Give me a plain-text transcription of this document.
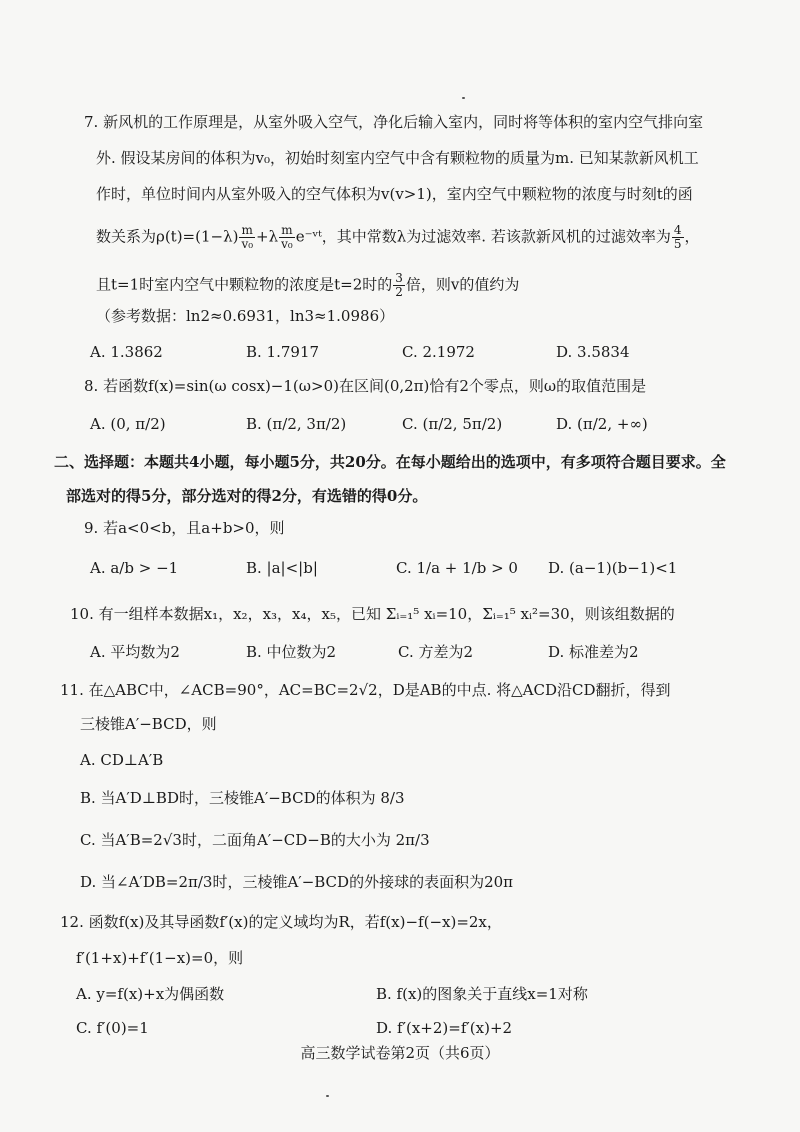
7. 新风机的工作原理是，从室外吸入空气，净化后输入室内，同时将等体积的室内空气排向室
外. 假设某房间的体积为v₀，初始时刻室内空气中含有颗粒物的质量为m. 已知某款新风机工
作时，单位时间内从室外吸入的空气体积为v(v>1)，室内空气中颗粒物的浓度与时刻t的函
数关系为$\rho(t)=(1-\lambda) \frac{m}{\text{v₀}} +\lambda \frac{m}{\text{v₀}}$ e⁻ᵛᵗ，其中常数λ为过滤效率. 若该款新风机的过滤效率为 $\frac{4}{5}$ ，
且t=1时室内空气中颗粒物的浓度是t=2时的 $\frac{3}{2}$ 倍，则v的值约为
（参考数据：ln2≈0.6931，ln3≈1.0986）
A. 1.3862	B. 1.7917	C. 2.1972	D. 3.5834
8. 若函数f(x)=sin(ω cosx)−1(ω>0)在区间(0,2π)恰有2个零点，则ω的取值范围是
A. (0, π/2)	B. (π/2, 3π/2)	C. (π/2, 5π/2)	D. (π/2, +∞)
二、选择题：本题共4小题，每小题5分，共20分。在每小题给出的选项中，有多项符合题目要求。全
部选对的得5分，部分选对的得2分，有选错的得0分。
9. 若a<0<b，且a+b>0，则
A. a/b > −1	B. |a|<|b|	C. 1/a + 1/b > 0 D. (a−1)(b−1)<1
10. 有一组样本数据x₁，x₂，x₃，x₄，x₅，已知 Σᵢ₌₁⁵ xᵢ=10，Σᵢ₌₁⁵ xᵢ²=30，则该组数据的
A. 平均数为2	B. 中位数为2	C. 方差为2	D. 标准差为2
11. 在△ABC中，∠ACB=90°，AC=BC=2√2，D是AB的中点. 将△ACD沿CD翻折，得到
三棱锥A′−BCD，则
A. CD⊥A′B
B. 当A′D⊥BD时，三棱锥A′−BCD的体积为 8/3
C. 当A′B=2√3时，二面角A′−CD−B的大小为 2π/3
D. 当∠A′DB=2π/3时，三棱锥A′−BCD的外接球的表面积为20π
12. 函数f(x)及其导函数f′(x)的定义域均为R，若f(x)−f(−x)=2x，
f′(1+x)+f′(1−x)=0，则
A. y=f(x)+x为偶函数	B. f(x)的图象关于直线x=1对称
C. f′(0)=1	D. f′(x+2)=f′(x)+2
高三数学试卷第2页（共6页）
